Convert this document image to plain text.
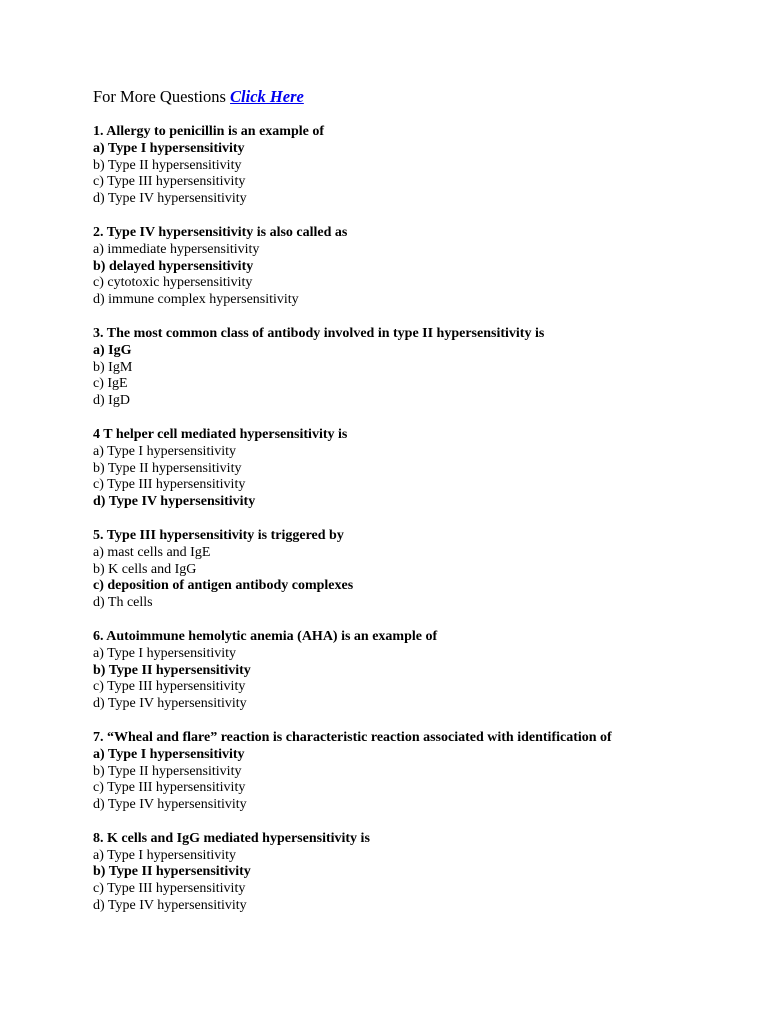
For More Questions Click Here
1. Allergy to penicillin is an example of
a) Type I hypersensitivity
b) Type II hypersensitivity
c) Type III hypersensitivity
d) Type IV hypersensitivity
2. Type IV hypersensitivity is also called as
a) immediate hypersensitivity
b) delayed hypersensitivity
c) cytotoxic hypersensitivity
d) immune complex hypersensitivity
3. The most common class of antibody involved in type II hypersensitivity is
a) IgG
b) IgM
c) IgE
d) IgD
4 T helper cell mediated hypersensitivity is
a) Type I hypersensitivity
b) Type II hypersensitivity
c) Type III hypersensitivity
d) Type IV hypersensitivity
5. Type III hypersensitivity is triggered by
a) mast cells and IgE
b) K cells and IgG
c) deposition of antigen antibody complexes
d) Th cells
6. Autoimmune hemolytic anemia (AHA) is an example of
a) Type I hypersensitivity
b) Type II hypersensitivity
c) Type III hypersensitivity
d) Type IV hypersensitivity
7. “Wheal and flare” reaction is characteristic reaction associated with identification of
a) Type I hypersensitivity
b) Type II hypersensitivity
c) Type III hypersensitivity
d) Type IV hypersensitivity
8. K cells and IgG mediated hypersensitivity is
a) Type I hypersensitivity
b) Type II hypersensitivity
c) Type III hypersensitivity
d) Type IV hypersensitivity
